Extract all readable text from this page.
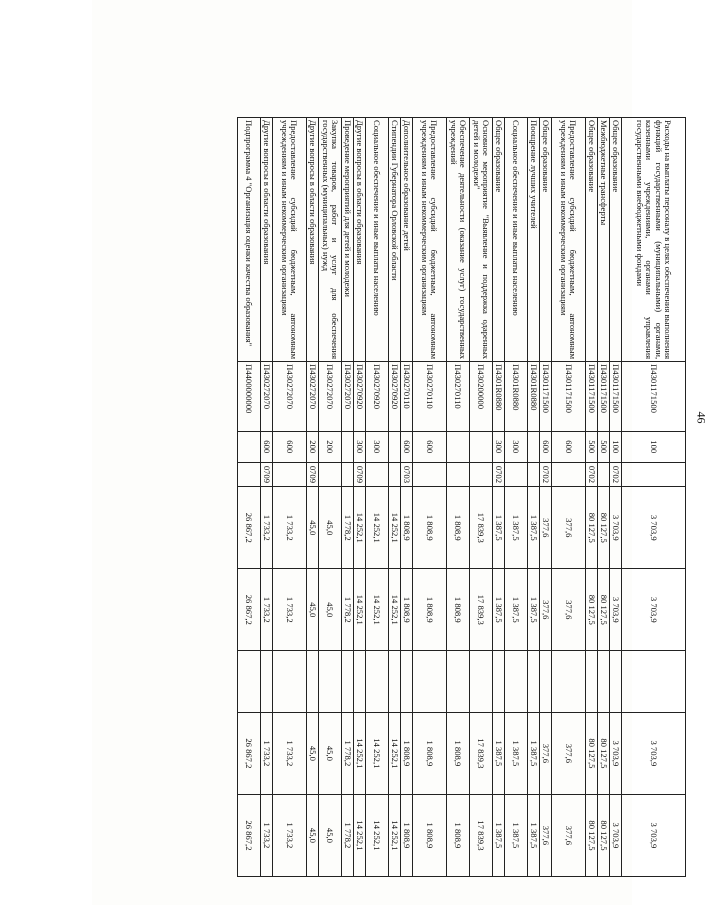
46
Расходы на выплаты персоналу в целях обеспечения выполнения функций государственными (муниципальными) органами, казенными учреждениями, органами управления государственными внебюджетными фондами	П4301171500	100		3 703,9	3 703,9		3 703,9	3 703,9
Общее образование	П4301171500	100	0702	3 703,9	3 703,9		3 703,9	3 703,9
Межбюджетные трансферты	П4301171500	500		80 127,5	80 127,5		80 127,5	80 127,5
Общее образование	П4301171500	500	0702	80 127,5	80 127,5		80 127,5	80 127,5
Предоставление субсидий бюджетным, автономным учреждениям и иным некоммерческим организациям	П4301171500	600		377,6	377,6		377,6	377,6
Общее образование	П4301171500	600	0702	377,6	377,6		377,6	377,6
Поощрение лучших учителей	П4301R0880			1 387,5	1 387,5		1 387,5	1 387,5
Социальное обеспечение и иные выплаты населению	П4301R0880	300		1 387,5	1 387,5		1 387,5	1 387,5
Общее образование	П4301R0880	300	0702	1 387,5	1 387,5		1 387,5	1 387,5
Основное мероприятие "Выявление и поддержка одаренных детей и молодежи"	П430200000			17 839,3	17 839,3		17 839,3	17 839,3
Обеспечение деятельности (оказание услуг) государственных учреждений	П430270110			1 808,9	1 808,9		1 808,9	1 808,9
Предоставление субсидий бюджетным, автономным учреждениям и иным некоммерческим организациям	П430270110	600		1 808,9	1 808,9		1 808,9	1 808,9
Дополнительное образование детей	П430270110	600	0703	1 808,9	1 808,9		1 808,9	1 808,9
Стипендии Губернатора Орловской области	П430270920			14 252,1	14 252,1		14 252,1	14 252,1
Социальное обеспечение и иные выплаты населению	П430270920	300		14 252,1	14 252,1		14 252,1	14 252,1
Другие вопросы в области образования	П430270920	300	0709	14 252,1	14 252,1		14 252,1	14 252,1
Проведение мероприятий для детей и молодежи	П430272070			1 778,2	1 778,2		1 778,2	1 778,2
Закупка товаров, работ и услуг для обеспечения государственных (муниципальных) нужд	П430272070	200		45,0	45,0		45,0	45,0
Другие вопросы в области образования	П430272070	200	0709	45,0	45,0		45,0	45,0
Предоставление субсидий бюджетным, автономным учреждениям и иным некоммерческим организациям	П430272070	600		1 733,2	1 733,2		1 733,2	1 733,2
Другие вопросы в области образования	П430272070	600	0709	1 733,2	1 733,2		1 733,2	1 733,2
Подпрограмма 4 "Организация оценки качества образования"	П4400000000			26 867,2	26 867,2		26 867,2	26 867,2
